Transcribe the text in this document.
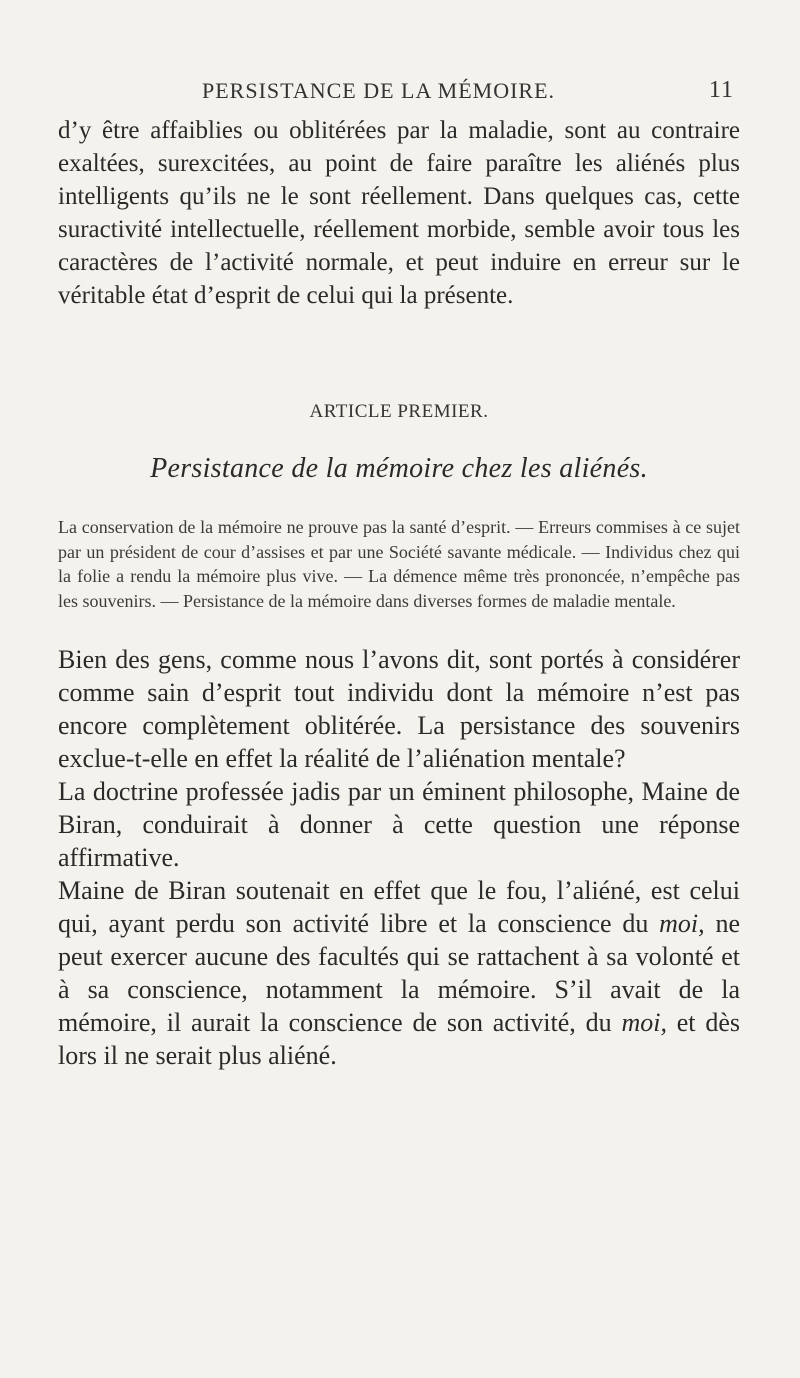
PERSISTANCE DE LA MÉMOIRE.	11

d’y être affaiblies ou oblitérées par la maladie, sont au contraire exaltées, surexcitées, au point de faire paraître les aliénés plus intelligents qu’ils ne le sont réellement. Dans quelques cas, cette suractivité intellectuelle, réellement morbide, semble avoir tous les caractères de l’activité normale, et peut induire en erreur sur le véritable état d’esprit de celui qui la présente.

ARTICLE PREMIER.
Persistance de la mémoire chez les aliénés.

La conservation de la mémoire ne prouve pas la santé d’esprit. — Erreurs commises à ce sujet par un président de cour d’assises et par une Société savante médicale. — Individus chez qui la folie a rendu la mémoire plus vive. — La démence même très prononcée, n’empêche pas les souvenirs. — Persistance de la mémoire dans diverses formes de maladie mentale.

Bien des gens, comme nous l’avons dit, sont portés à considérer comme sain d’esprit tout individu dont la mémoire n’est pas encore complètement oblitérée. La persistance des souvenirs exclue-t-elle en effet la réalité de l’aliénation mentale?

La doctrine professée jadis par un éminent philosophe, Maine de Biran, conduirait à donner à cette question une réponse affirmative.

Maine de Biran soutenait en effet que le fou, l’aliéné, est celui qui, ayant perdu son activité libre et la conscience du moi, ne peut exercer aucune des facultés qui se rattachent à sa volonté et à sa conscience, notamment la mémoire. S’il avait de la mémoire, il aurait la conscience de son activité, du moi, et dès lors il ne serait plus aliéné.
